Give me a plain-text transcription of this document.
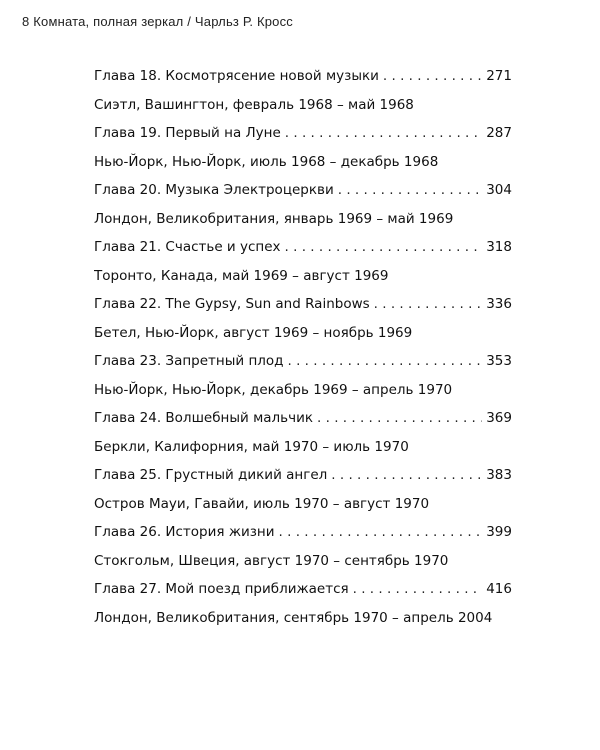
8 Комната, полная зеркал / Чарльз Р. Кросс
Глава 18. Космотрясение новой музыки . . .	271
Сиэтл, Вашингтон, февраль 1968 – май 1968
Глава 19. Первый на Луне . . .	287
Нью-Йорк, Нью-Йорк, июль 1968 – декабрь 1968
Глава 20. Музыка Электроцеркви . . .	304
Лондон, Великобритания, январь 1969 – май 1969
Глава 21. Счастье и успех . . .	318
Торонто, Канада, май 1969 – август 1969
Глава 22. The Gypsy, Sun and Rainbows . . .	336
Бетел, Нью-Йорк, август 1969 – ноябрь 1969
Глава 23. Запретный плод . . .	353
Нью-Йорк, Нью-Йорк, декабрь 1969 – апрель 1970
Глава 24. Волшебный мальчик . . .	369
Беркли, Калифорния, май 1970 – июль 1970
Глава 25. Грустный дикий ангел . . .	383
Остров Мауи, Гавайи, июль 1970 – август 1970
Глава 26. История жизни . . .	399
Стокгольм, Швеция, август 1970 – сентябрь 1970
Глава 27. Мой поезд приближается . . .	416
Лондон, Великобритания, сентябрь 1970 – апрель 2004
